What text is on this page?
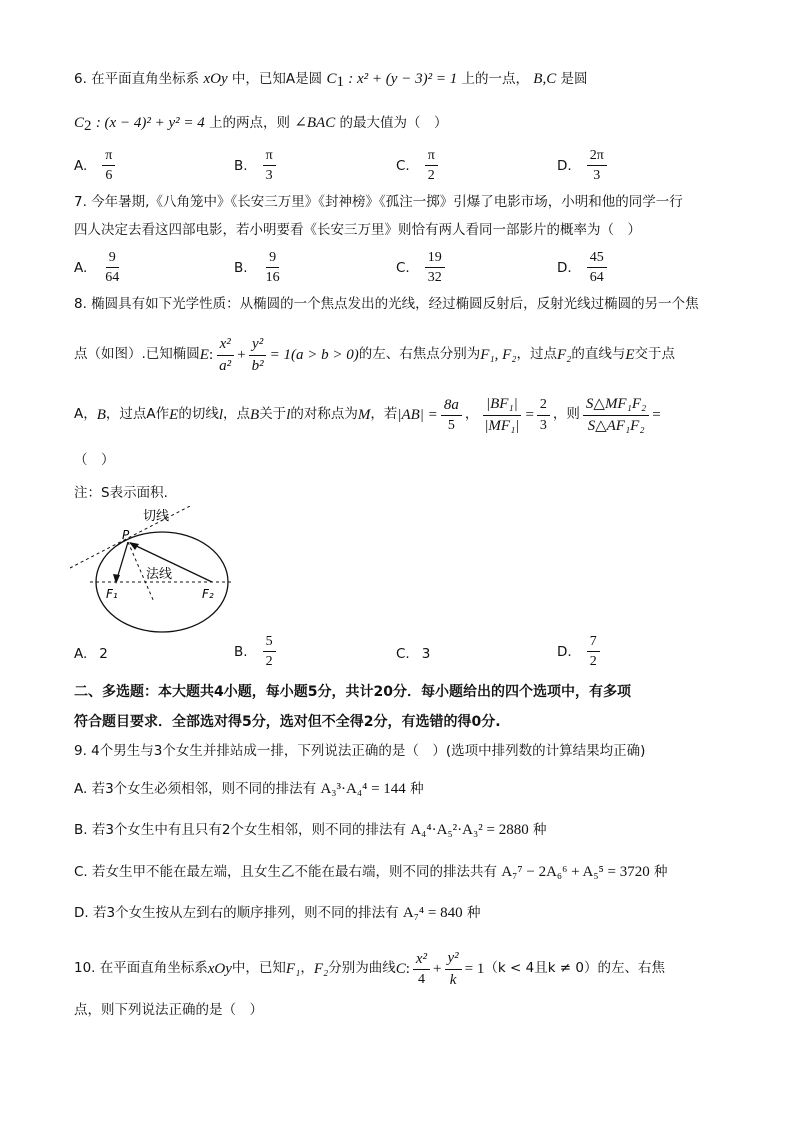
6. 在平面直角坐标系 xOy 中，已知A是圆 $C_1$ : x² + (y − 3)² = 1 上的一点， B,C 是圆
$C_2$ : (x − 4)² + y² = 4 上的两点，则 ∠BAC 的最大值为（　）
A. $\frac{\pi}{6}$	B. $\frac{\pi}{3}$	C. $\frac{\pi}{2}$	D. $\frac{2\pi}{3}$
7. 今年暑期,《八角笼中》《长安三万里》《封神榜》《孤注一掷》引爆了电影市场，小明和他的同学一行
四人决定去看这四部电影，若小明要看《长安三万里》则恰有两人看同一部影片的概率为（　）
A. $\frac{9}{64}$	B. $\frac{9}{16}$	C. $\frac{19}{32}$	D. $\frac{45}{64}$
8. 椭圆具有如下光学性质：从椭圆的一个焦点发出的光线，经过椭圆反射后，反射光线过椭圆的另一个焦
点（如图）.已知椭圆 E : $\frac{\text{x²}}{\text{a²}} + \frac{\text{y²}}{\text{b²}} = 1(a > b > 0)$ 的左、右焦点分别为 F₁, F₂ ，过点 F₂ 的直线与 E 交于点
A， B ，过点A作 E 的切线 l ，点 B 关于 l 的对称点为 M ，若 $|AB| = \frac{8a}{5}$ ， $\frac{\text{|BF₁|}}{\text{|MF₁|}} = \frac{2}{3}$ ，则 $\frac{\text{S△MF₁F₂}}{\text{S△AF₁F₂}}$ =
（　）
注：S表示面积.
切线
法线
P
F₁	F₂
A. 2	B. $\frac{5}{2}$	C. 3	D. $\frac{7}{2}$
二、多选题：本大题共4小题，每小题5分，共计20分．每小题给出的四个选项中，有多项
符合题目要求．全部选对得5分，选对但不全得2分，有选错的得0分.
9. 4个男生与3个女生并排站成一排，下列说法正确的是（　）(选项中排列数的计算结果均正确)
A. 若3个女生必须相邻，则不同的排法有 A₃³·A₄⁴ = 144 种
B. 若3个女生中有且只有2个女生相邻，则不同的排法有 A₄⁴·A₅²·A₃² = 2880 种
C. 若女生甲不能在最左端，且女生乙不能在最右端，则不同的排法共有 A₇⁷ − 2A₆⁶ + A₅⁵ = 3720 种
D. 若3个女生按从左到右的顺序排列，则不同的排法有 A₇⁴ = 840 种
10. 在平面直角坐标系 xOy 中，已知 F₁ ， F₂ 分别为曲线 C : $\frac{\text{x²}}{4} + \frac{\text{y²}}{k} = 1$ （k < 4且k ≠ 0）的左、右焦
点，则下列说法正确的是（　）
